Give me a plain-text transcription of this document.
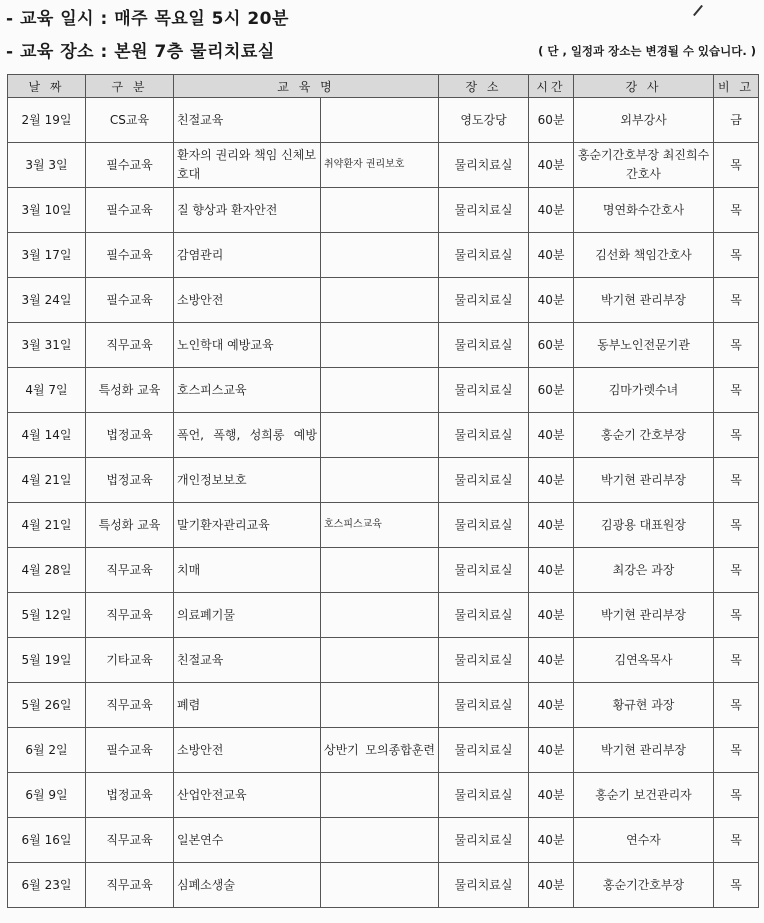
- 교육 일시 : 매주 목요일 5시 20분
- 교육 장소 : 본원 7층 물리치료실	( 단 , 일정과 장소는 변경될 수 있습니다. )
날 짜	구 분	교 육 명		장 소	시간	강 사	비 고
2월 19일	CS교육	친절교육		영도강당	60분	외부강사	금
3월 3일	필수교육	환자의 권리와 책임 신체보호대	취약환자 권리보호	물리치료실	40분	홍순기간호부장 최진희수간호사	목
3월 10일	필수교육	질 향상과 환자안전		물리치료실	40분	명연화수간호사	목
3월 17일	필수교육	감염관리		물리치료실	40분	김선화 책임간호사	목
3월 24일	필수교육	소방안전		물리치료실	40분	박기현 관리부장	목
3월 31일	직무교육	노인학대 예방교육		물리치료실	60분	동부노인전문기관	목
4월 7일	특성화 교육	호스피스교육		물리치료실	60분	김마가렛수녀	목
4월 14일	법정교육	폭언, 폭행, 성희롱 예방		물리치료실	40분	홍순기 간호부장	목
4월 21일	법정교육	개인정보보호		물리치료실	40분	박기현 관리부장	목
4월 21일	특성화 교육	말기환자관리교육	호스피스교육	물리치료실	40분	김광용 대표원장	목
4월 28일	직무교육	치매		물리치료실	40분	최강은 과장	목
5월 12일	직무교육	의료폐기물		물리치료실	40분	박기현 관리부장	목
5월 19일	기타교육	친절교육		물리치료실	40분	김연옥목사	목
5월 26일	직무교육	폐렴		물리치료실	40분	황규현 과장	목
6월 2일	필수교육	소방안전	상반기 모의종합훈련	물리치료실	40분	박기현 관리부장	목
6월 9일	법정교육	산업안전교육		물리치료실	40분	홍순기 보건관리자	목
6월 16일	직무교육	일본연수		물리치료실	40분	연수자	목
6월 23일	직무교육	심폐소생술		물리치료실	40분	홍순기간호부장	목
